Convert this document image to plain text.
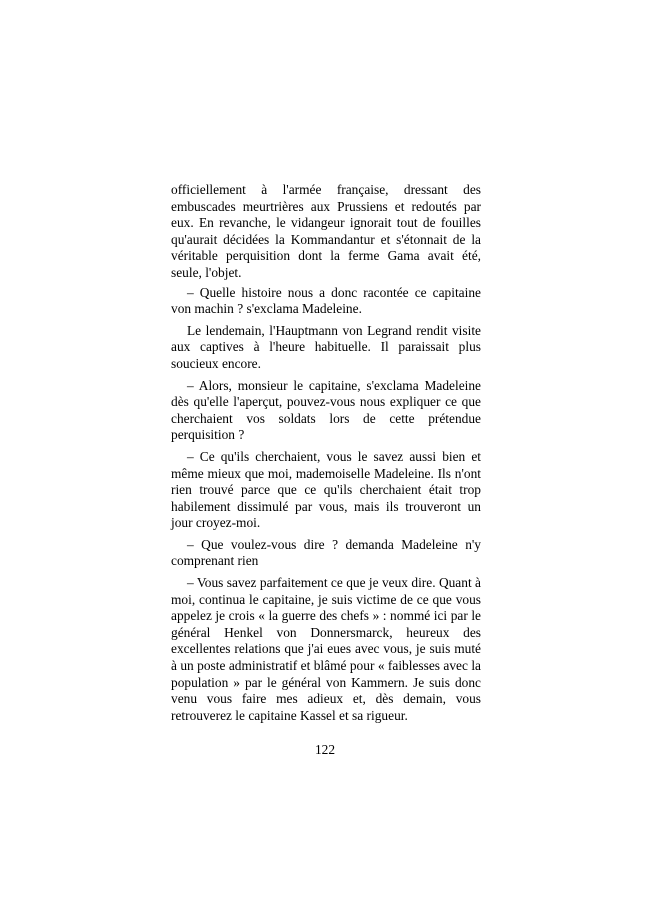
officiellement à l'armée française, dressant des embuscades meurtrières aux Prussiens et redoutés par eux. En revanche, le vidangeur ignorait tout de fouilles qu'aurait décidées la Kommandantur et s'étonnait de la véritable perquisition dont la ferme Gama avait été, seule, l'objet.

– Quelle histoire nous a donc racontée ce capitaine von machin ? s'exclama Madeleine.

Le lendemain, l'Hauptmann von Legrand rendit visite aux captives à l'heure habituelle. Il paraissait plus soucieux encore.

– Alors, monsieur le capitaine, s'exclama Madeleine dès qu'elle l'aperçut, pouvez-vous nous expliquer ce que cherchaient vos soldats lors de cette prétendue perquisition ?

– Ce qu'ils cherchaient, vous le savez aussi bien et même mieux que moi, mademoiselle Madeleine. Ils n'ont rien trouvé parce que ce qu'ils cherchaient était trop habilement dissimulé par vous, mais ils trouveront un jour croyez-moi.

– Que voulez-vous dire ? demanda Madeleine n'y comprenant rien

– Vous savez parfaitement ce que je veux dire. Quant à moi, continua le capitaine, je suis victime de ce que vous appelez je crois « la guerre des chefs » : nommé ici par le général Henkel von Donnersmarck, heureux des excellentes relations que j'ai eues avec vous, je suis muté à un poste administratif et blâmé pour « faiblesses avec la population » par le général von Kammern. Je suis donc venu vous faire mes adieux et, dès demain, vous retrouverez le capitaine Kassel et sa rigueur.

122
